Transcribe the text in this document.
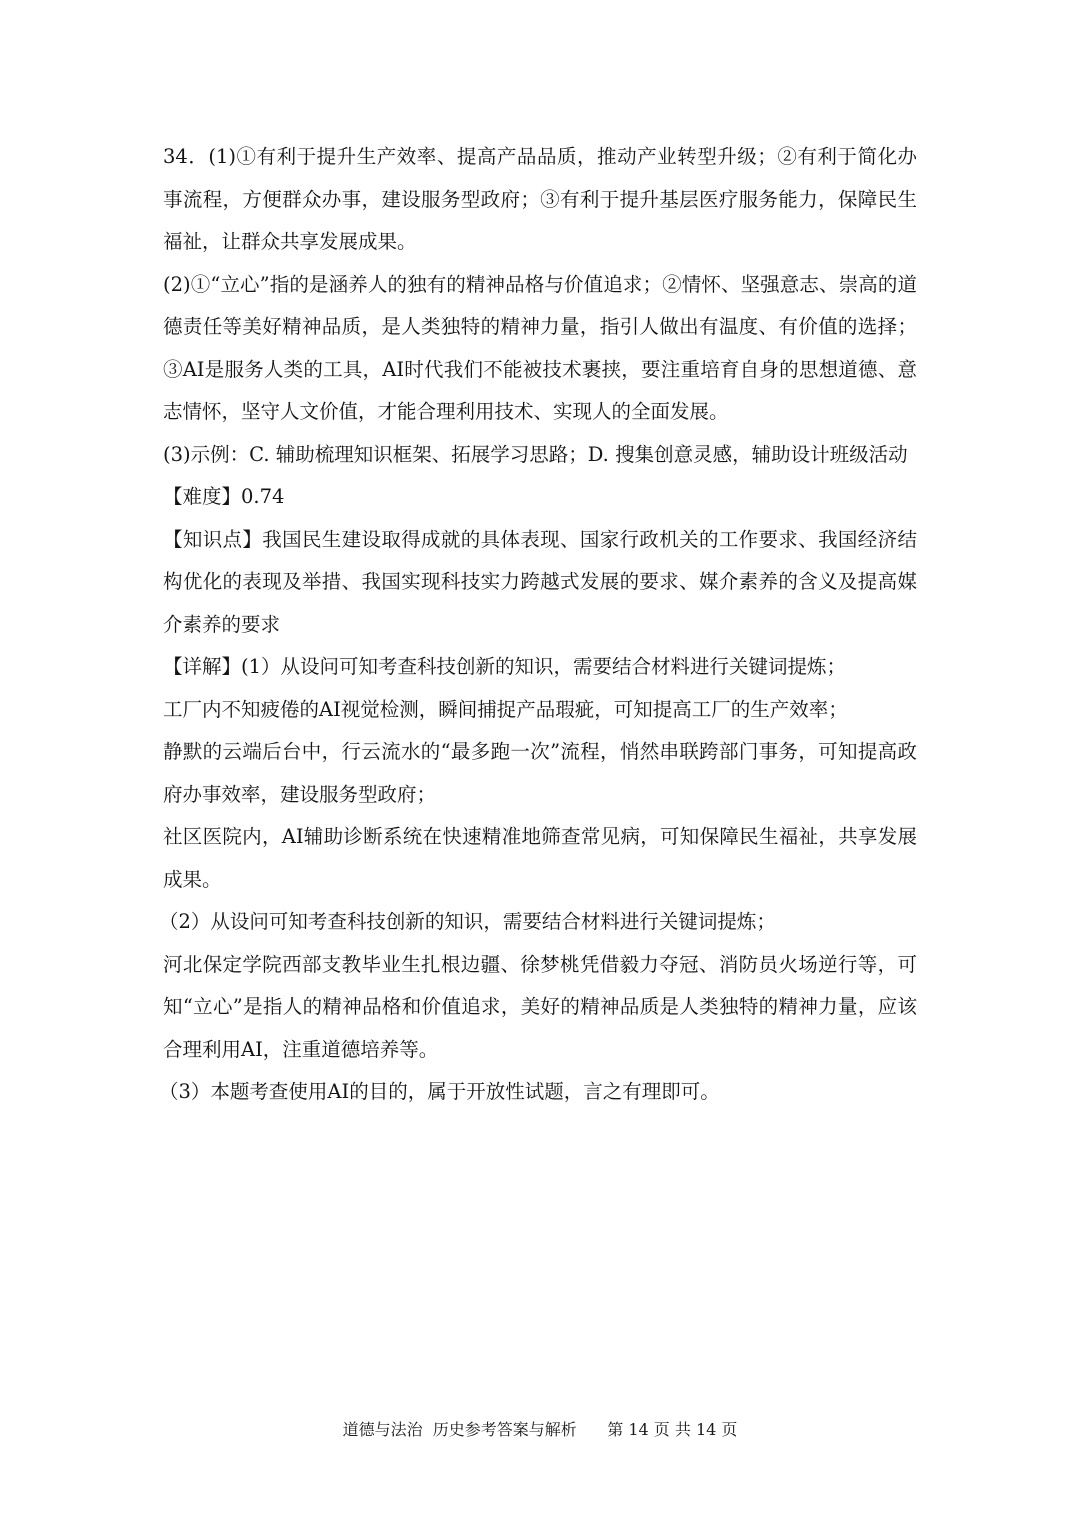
34．(1)①有利于提升生产效率、提高产品品质，推动产业转型升级；②有利于简化办事流程，方便群众办事，建设服务型政府；③有利于提升基层医疗服务能力，保障民生福祉，让群众共享发展成果。

(2)①“立心”指的是涵养人的独有的精神品格与价值追求；②情怀、坚强意志、崇高的道德责任等美好精神品质，是人类独特的精神力量，指引人做出有温度、有价值的选择；③AI是服务人类的工具，AI时代我们不能被技术裹挟，要注重培育自身的思想道德、意志情怀，坚守人文价值，才能合理利用技术、实现人的全面发展。

(3)示例：C. 辅助梳理知识框架、拓展学习思路；D. 搜集创意灵感，辅助设计班级活动

【难度】0.74

【知识点】我国民生建设取得成就的具体表现、国家行政机关的工作要求、我国经济结构优化的表现及举措、我国实现科技实力跨越式发展的要求、媒介素养的含义及提高媒介素养的要求

【详解】(1）从设问可知考查科技创新的知识，需要结合材料进行关键词提炼；

工厂内不知疲倦的AI视觉检测，瞬间捕捉产品瑕疵，可知提高工厂的生产效率；

静默的云端后台中，行云流水的“最多跑一次”流程，悄然串联跨部门事务，可知提高政府办事效率，建设服务型政府；

社区医院内，AI辅助诊断系统在快速精准地筛查常见病，可知保障民生福祉，共享发展成果。

（2）从设问可知考查科技创新的知识，需要结合材料进行关键词提炼；

河北保定学院西部支教毕业生扎根边疆、徐梦桃凭借毅力夺冠、消防员火场逆行等，可知“立心”是指人的精神品格和价值追求，美好的精神品质是人类独特的精神力量，应该合理利用AI，注重道德培养等。

（3）本题考查使用AI的目的，属于开放性试题，言之有理即可。

道德与法治  历史参考答案与解析 第 14 页 共 14 页
